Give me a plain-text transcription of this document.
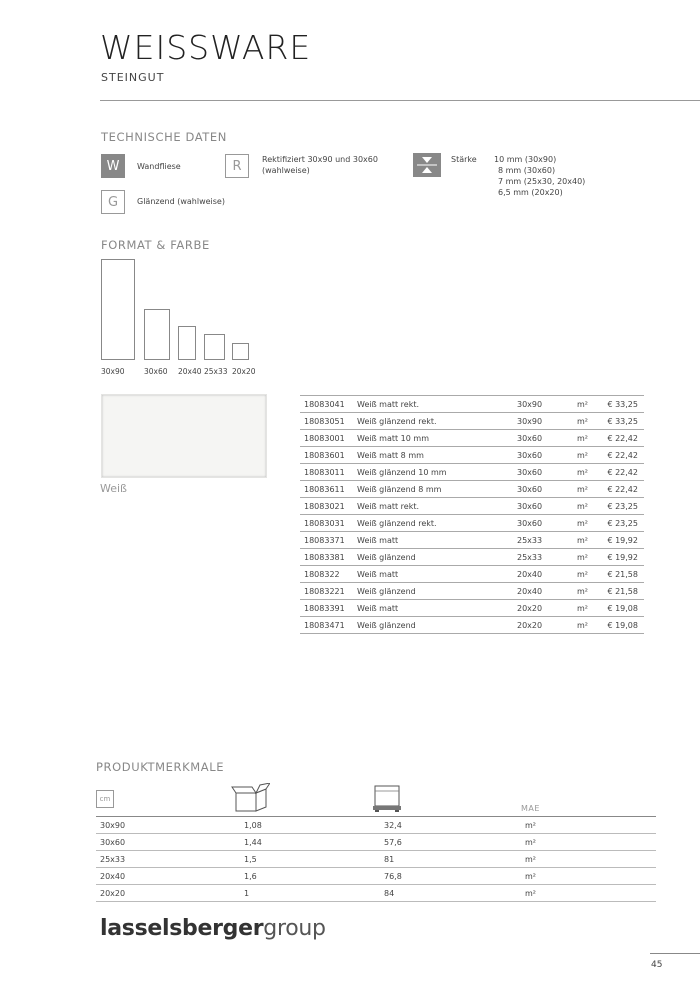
WEISSWARE
STEINGUT
TECHNISCHE DATEN
W	Wandfliese
G	Glänzend (wahlweise)
R	Rektifiziert 30x90 und 30x60
(wahlweise)
Stärke 10 mm (30x90)
8 mm (30x60)
7 mm (25x30, 20x40)
6,5 mm (20x20)
FORMAT & FARBE
30x90	30x60 20x40 25x33 20x20
Weiß
18083041	Weiß matt rekt.	30x90	m²	€ 33,25
18083051	Weiß glänzend rekt.	30x90	m²	€ 33,25
18083001	Weiß matt 10 mm	30x60	m²	€ 22,42
18083601	Weiß matt 8 mm	30x60	m²	€ 22,42
18083011	Weiß glänzend 10 mm	30x60	m²	€ 22,42
18083611	Weiß glänzend 8 mm	30x60	m²	€ 22,42
18083021	Weiß matt rekt.	30x60	m²	€ 23,25
18083031	Weiß glänzend rekt.	30x60	m²	€ 23,25
18083371	Weiß matt	25x33	m²	€ 19,92
18083381	Weiß glänzend	25x33	m²	€ 19,92
1808322	Weiß matt	20x40	m²	€ 21,58
18083221	Weiß glänzend	20x40	m²	€ 21,58
18083391	Weiß matt	20x20	m²	€ 19,08
18083471	Weiß glänzend	20x20	m²	€ 19,08
PRODUKTMERKMALE
cm
MAE
30x90	1,08	32,4	m²
30x60	1,44	57,6	m²
25x33	1,5	81	m²
20x40	1,6	76,8	m²
20x20	1	84	m²
lasselsbergergroup
45
